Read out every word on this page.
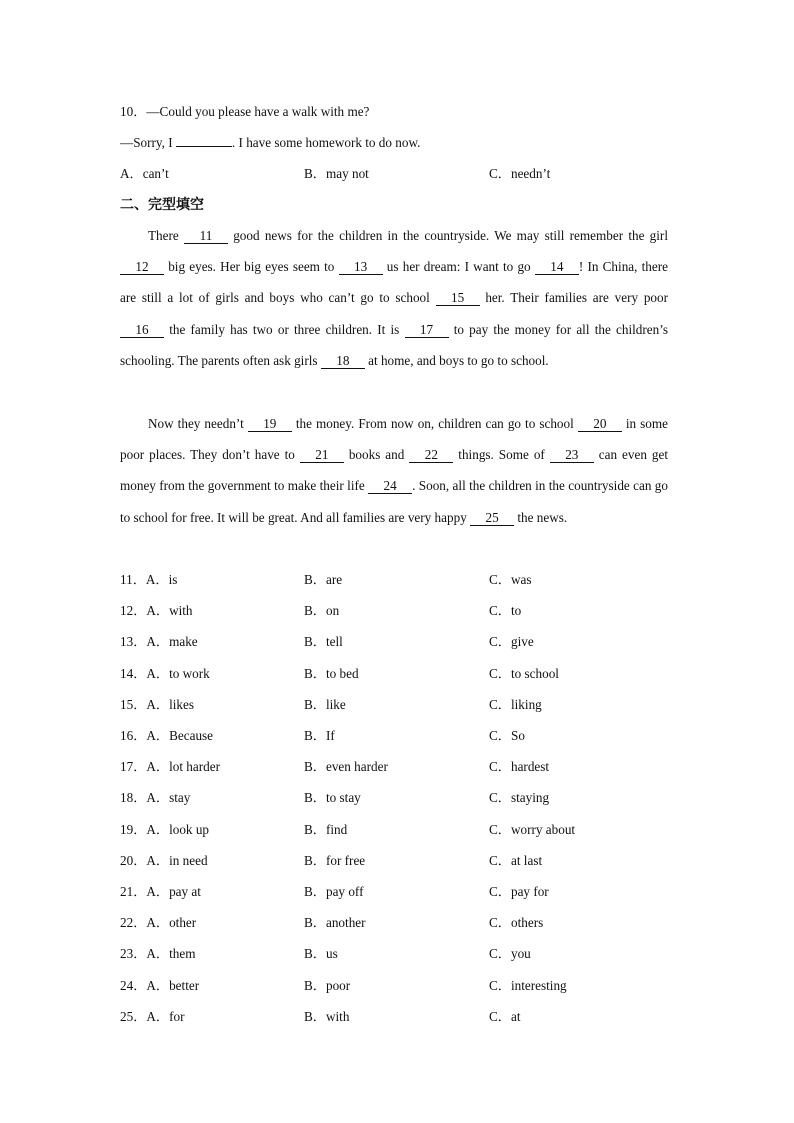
10．—Could you please have a walk with me?
—Sorry, I	. I have some homework to do now.
A．can’t	B．may not	C．needn’t
二、完型填空

There 11 good news for the children in the countryside. We may still remember the girl 12 big eyes. Her big eyes seem to 13 us her dream: I want to go 14 ! In China, there are still a lot of girls and boys who can’t go to school 15 her. Their families are very poor 16 the family has two or three children. It is 17 to pay the money for all the children’s schooling. The parents often ask girls 18 at home, and boys to go to school.

Now they needn’t 19 the money. From now on, children can go to school 20 in some poor places. They don’t have to 21 books and 22 things. Some of 23 can even get money from the government to make their life 24 . Soon, all the children in the countryside can go to school for free. It will be great. And all families are very happy 25 the news.

11．A．is	B．are	C．was
12．A．with	B．on	C．to
13．A．make	B．tell	C．give
14．A．to work	B．to bed	C．to school
15．A．likes	B．like	C．liking
16．A．Because	B．If	C．So
17．A．lot harder	B．even harder	C．hardest
18．A．stay	B．to stay	C．staying
19．A．look up	B．find	C．worry about
20．A．in need	B．for free	C．at last
21．A．pay at	B．pay off	C．pay for
22．A．other	B．another	C．others
23．A．them	B．us	C．you
24．A．better	B．poor	C．interesting
25．A．for	B．with	C．at
